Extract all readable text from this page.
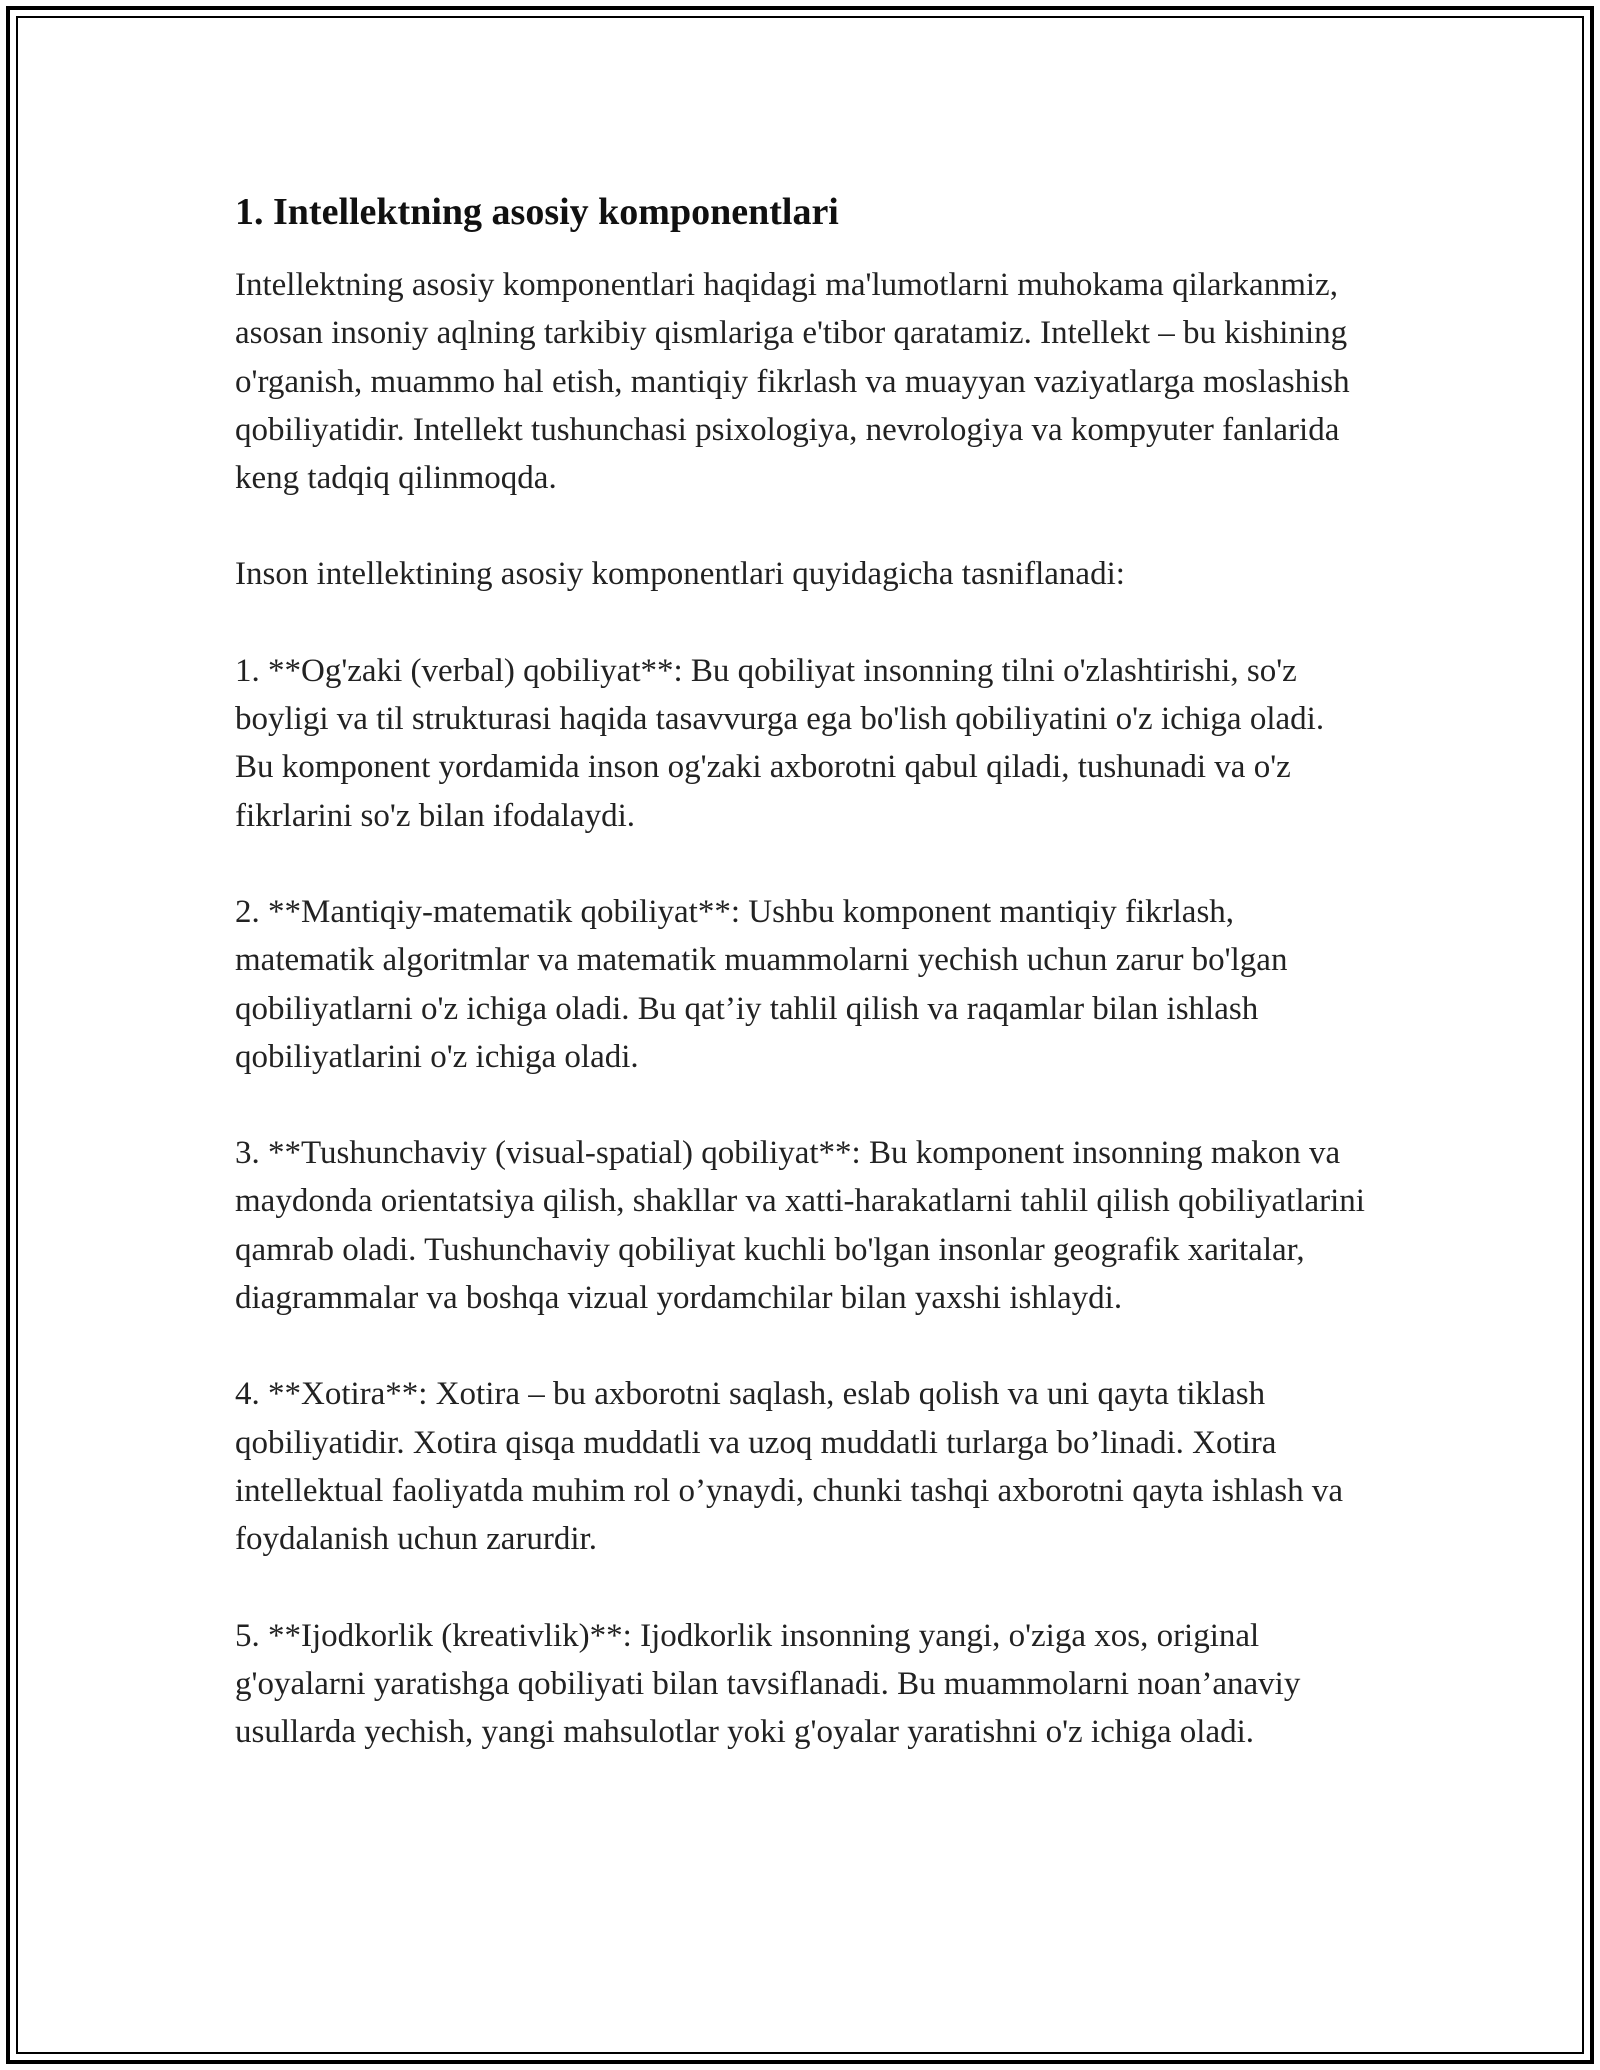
1. Intellektning asosiy komponentlari

Intellektning asosiy komponentlari haqidagi ma'lumotlarni muhokama qilarkanmiz, asosan insoniy aqlning tarkibiy qismlariga e'tibor qaratamiz. Intellekt – bu kishining o'rganish, muammo hal etish, mantiqiy fikrlash va muayyan vaziyatlarga moslashish qobiliyatidir. Intellekt tushunchasi psixologiya, nevrologiya va kompyuter fanlarida keng tadqiq qilinmoqda.

Inson intellektining asosiy komponentlari quyidagicha tasniflanadi:

1. **Og'zaki (verbal) qobiliyat**: Bu qobiliyat insonning tilni o'zlashtirishi, so'z boyligi va til strukturasi haqida tasavvurga ega bo'lish qobiliyatini o'z ichiga oladi. Bu komponent yordamida inson og'zaki axborotni qabul qiladi, tushunadi va o'z fikrlarini so'z bilan ifodalaydi.

2. **Mantiqiy-matematik qobiliyat**: Ushbu komponent mantiqiy fikrlash, matematik algoritmlar va matematik muammolarni yechish uchun zarur bo'lgan qobiliyatlarni o'z ichiga oladi. Bu qat’iy tahlil qilish va raqamlar bilan ishlash qobiliyatlarini o'z ichiga oladi.

3. **Tushunchaviy (visual-spatial) qobiliyat**: Bu komponent insonning makon va maydonda orientatsiya qilish, shakllar va xatti-harakatlarni tahlil qilish qobiliyatlarini qamrab oladi. Tushunchaviy qobiliyat kuchli bo'lgan insonlar geografik xaritalar, diagrammalar va boshqa vizual yordamchilar bilan yaxshi ishlaydi.

4. **Xotira**: Xotira – bu axborotni saqlash, eslab qolish va uni qayta tiklash qobiliyatidir. Xotira qisqa muddatli va uzoq muddatli turlarga bo’linadi. Xotira intellektual faoliyatda muhim rol o’ynaydi, chunki tashqi axborotni qayta ishlash va foydalanish uchun zarurdir.

5. **Ijodkorlik (kreativlik)**: Ijodkorlik insonning yangi, o'ziga xos, original g'oyalarni yaratishga qobiliyati bilan tavsiflanadi. Bu muammolarni noan’anaviy usullarda yechish, yangi mahsulotlar yoki g'oyalar yaratishni o'z ichiga oladi.
